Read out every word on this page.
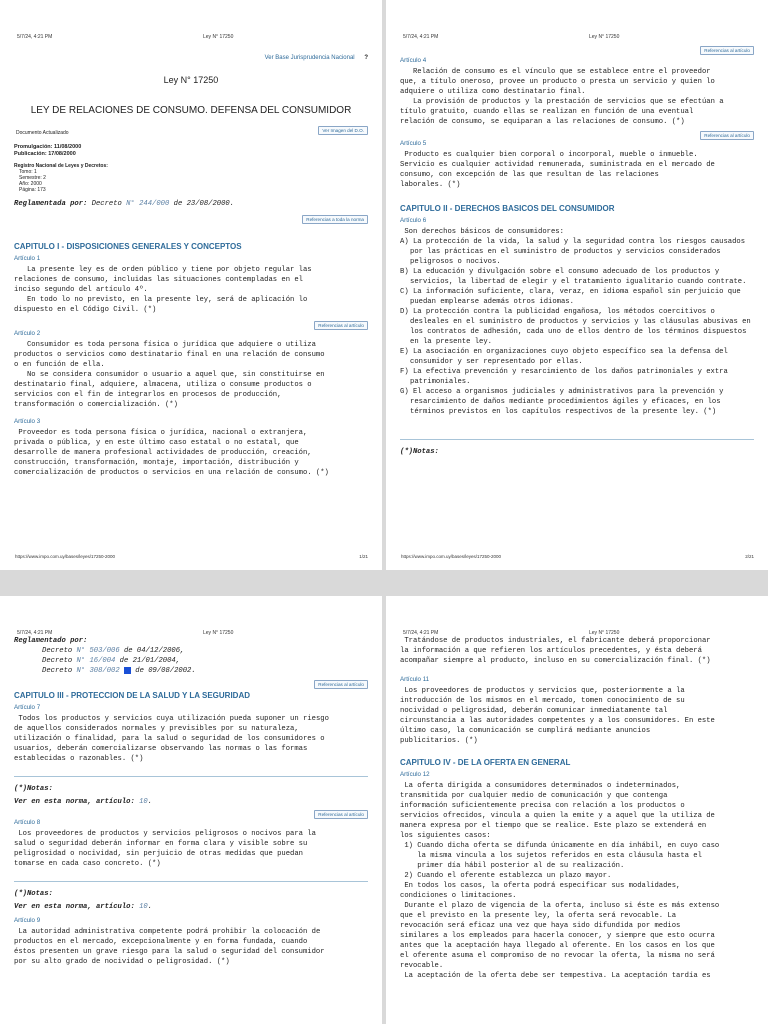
5/7/24, 4:21 PM	Ley N° 17250
Ver Base Jurisprudencia Nacional ?
Ley N° 17250
LEY DE RELACIONES DE CONSUMO. DEFENSA DEL CONSUMIDOR
Documento Actualizado	Ver Imagen del D.O.
Promulgación: 11/08/2000
Publicación: 17/08/2000
Registro Nacional de Leyes y Decretos:
Tomo: 1
Semestre: 2
Año: 2000
Página: 173
Reglamentada por: Decreto N° 244/000 de 23/08/2000.
Referencias a toda la norma
CAPITULO I - DISPOSICIONES GENERALES Y CONCEPTOS
Artículo 1
La presente ley es de orden público y tiene por objeto regular las
relaciones de consumo, incluidas las situaciones contempladas en el
inciso segundo del artículo 4º.
En todo lo no previsto, en la presente ley, será de aplicación lo
dispuesto en el Código Civil. (*)
Referencias al artículo
Artículo 2
Consumidor es toda persona física o jurídica que adquiere o utiliza
productos o servicios como destinatario final en una relación de consumo
o en función de ella.
No se considera consumidor o usuario a aquel que, sin constituirse en
destinatario final, adquiere, almacena, utiliza o consume productos o
servicios con el fin de integrarlos en procesos de producción,
transformación o comercialización. (*)
Artículo 3
Proveedor es toda persona física o jurídica, nacional o extranjera,
privada o pública, y en este último caso estatal o no estatal, que
desarrolle de manera profesional actividades de producción, creación,
construcción, transformación, montaje, importación, distribución y
comercialización de productos o servicios en una relación de consumo. (*)
https://www.impo.com.uy/bases/leyes/17250-2000	1/21
5/7/24, 4:21 PM	Ley N° 17250
Referencias al artículo
Artículo 4
Relación de consumo es el vínculo que se establece entre el proveedor
que, a título oneroso, provee un producto o presta un servicio y quien lo
adquiere o utiliza como destinatario final.
La provisión de productos y la prestación de servicios que se efectúan a
título gratuito, cuando ellas se realizan en función de una eventual
relación de consumo, se equiparan a las relaciones de consumo. (*)
Referencias al artículo
Artículo 5
Producto es cualquier bien corporal o incorporal, mueble o inmueble.
Servicio es cualquier actividad remunerada, suministrada en el mercado de
consumo, con excepción de las que resultan de las relaciones
laborales. (*)
CAPITULO II - DERECHOS BASICOS DEL CONSUMIDOR
Artículo 6
Son derechos básicos de consumidores:
A) La protección de la vida, la salud y la seguridad contra los riesgos causados por las prácticas en el suministro de productos y servicios considerados peligrosos o nocivos.
B) La educación y divulgación sobre el consumo adecuado de los productos y servicios, la libertad de elegir y el tratamiento igualitario cuando contrate.
C) La información suficiente, clara, veraz, en idioma español sin perjuicio que puedan emplearse además otros idiomas.
D) La protección contra la publicidad engañosa, los métodos coercitivos o desleales en el suministro de productos y servicios y las cláusulas abusivas en los contratos de adhesión, cada uno de ellos dentro de los términos dispuestos en la presente ley.
E) La asociación en organizaciones cuyo objeto específico sea la defensa del consumidor y ser representado por ellas.
F) La efectiva prevención y resarcimiento de los daños patrimoniales y extra patrimoniales.
G) El acceso a organismos judiciales y administrativos para la prevención y resarcimiento de daños mediante procedimientos ágiles y eficaces, en los términos previstos en los capítulos respectivos de la presente ley. (*)
(*)Notas:
https://www.impo.com.uy/bases/leyes/17250-2000	2/21
5/7/24, 4:21 PM	Ley N° 17250
Reglamentado por:
Decreto N° 503/006 de 04/12/2006,
Decreto N° 16/004 de 21/01/2004,
Decreto N° 308/002  de 09/08/2002.
Referencias al artículo
CAPITULO III - PROTECCION DE LA SALUD Y LA SEGURIDAD
Artículo 7
Todos los productos y servicios cuya utilización pueda suponer un riesgo
de aquellos considerados normales y previsibles por su naturaleza,
utilización o finalidad, para la salud o seguridad de los consumidores o
usuarios, deberán comercializarse observando las normas o las formas
establecidas o razonables. (*)
(*)Notas:
Ver en esta norma, artículo: 10.
Referencias al artículo
Artículo 8
Los proveedores de productos y servicios peligrosos o nocivos para la
salud o seguridad deberán informar en forma clara y visible sobre su
peligrosidad o nocividad, sin perjuicio de otras medidas que puedan
tomarse en cada caso concreto. (*)
(*)Notas:
Ver en esta norma, artículo: 10.
Artículo 9
La autoridad administrativa competente podrá prohibir la colocación de
productos en el mercado, excepcionalmente y en forma fundada, cuando
éstos presenten un grave riesgo para la salud o seguridad del consumidor
por su alto grado de nocividad o peligrosidad. (*)
5/7/24, 4:21 PM	Ley N° 17250
Tratándose de productos industriales, el fabricante deberá proporcionar
la información a que refieren los artículos precedentes, y ésta deberá
acompañar siempre al producto, incluso en su comercialización final. (*)
Artículo 11
Los proveedores de productos y servicios que, posteriormente a la
introducción de los mismos en el mercado, tomen conocimiento de su
nocividad o peligrosidad, deberán comunicar inmediatamente tal
circunstancia a las autoridades competentes y a los consumidores. En este
último caso, la comunicación se cumplirá mediante anuncios
publicitarios. (*)
CAPITULO IV - DE LA OFERTA EN GENERAL
Artículo 12
La oferta dirigida a consumidores determinados o indeterminados,
transmitida por cualquier medio de comunicación y que contenga
información suficientemente precisa con relación a los productos o
servicios ofrecidos, vincula a quien la emite y a aquel que la utiliza de
manera expresa por el tiempo que se realice. Este plazo se extenderá en
los siguientes casos:
1) Cuando dicha oferta se difunda únicamente en día inhábil, en cuyo caso
la misma vincula a los sujetos referidos en esta cláusula hasta el
primer día hábil posterior al de su realización.
2) Cuando el oferente establezca un plazo mayor.
En todos los casos, la oferta podrá especificar sus modalidades,
condiciones o limitaciones.
Durante el plazo de vigencia de la oferta, incluso si éste es más extenso
que el previsto en la presente ley, la oferta será revocable. La
revocación será eficaz una vez que haya sido difundida por medios
similares a los empleados para hacerla conocer, y siempre que esto ocurra
antes que la aceptación haya llegado al oferente. En los casos en los que
el oferente asuma el compromiso de no revocar la oferta, la misma no será
revocable.
La aceptación de la oferta debe ser tempestiva. La aceptación tardía es
